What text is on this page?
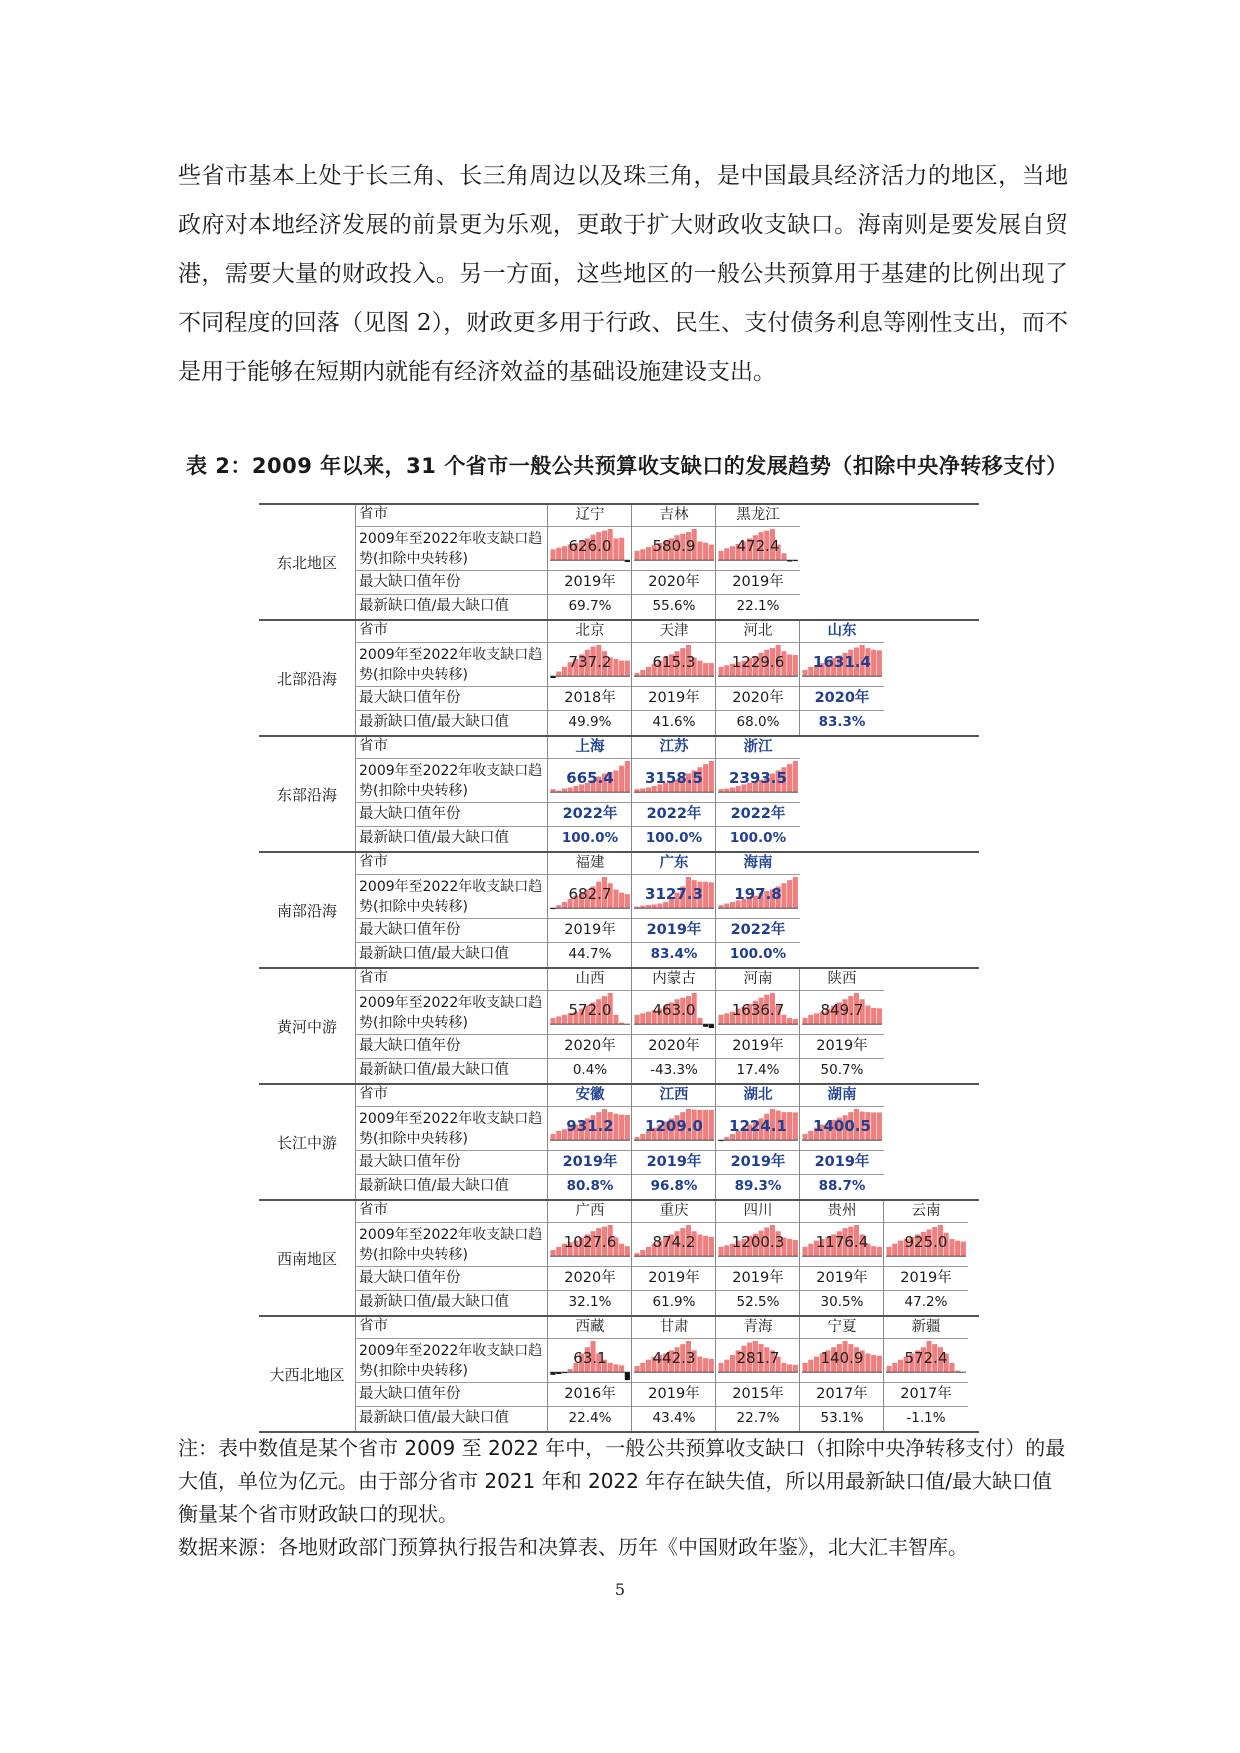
些省市基本上处于长三角、长三角周边以及珠三角，是中国最具经济活力的地区，当地政府对本地经济发展的前景更为乐观，更敢于扩大财政收支缺口。海南则是要发展自贸港，需要大量的财政投入。另一方面，这些地区的一般公共预算用于基建的比例出现了不同程度的回落（见图 2），财政更多用于行政、民生、支付债务利息等刚性支出，而不是用于能够在短期内就能有经济效益的基础设施建设支出。

表 2：2009 年以来，31 个省市一般公共预算收支缺口的发展趋势（扣除中央净转移支付）

东北地区
省市
2009年至2022年收支缺口趋势(扣除中央转移)
最大缺口值年份
最新缺口值/最大缺口值
辽宁
626.0
2019年
69.7%
吉林
580.9
2020年
55.6%
黑龙江
472.4
2019年
22.1%
北部沿海
省市
2009年至2022年收支缺口趋势(扣除中央转移)
最大缺口值年份
最新缺口值/最大缺口值
北京
737.2
2018年
49.9%
天津
615.3
2019年
41.6%
河北
1229.6
2020年
68.0%
山东
1631.4
2020年
83.3%
东部沿海
省市
2009年至2022年收支缺口趋势(扣除中央转移)
最大缺口值年份
最新缺口值/最大缺口值
上海
665.4
2022年
100.0%
江苏
3158.5
2022年
100.0%
浙江
2393.5
2022年
100.0%
南部沿海
省市
2009年至2022年收支缺口趋势(扣除中央转移)
最大缺口值年份
最新缺口值/最大缺口值
福建
682.7
2019年
44.7%
广东
3127.3
2019年
83.4%
海南
197.8
2022年
100.0%
黄河中游
省市
2009年至2022年收支缺口趋势(扣除中央转移)
最大缺口值年份
最新缺口值/最大缺口值
山西
572.0
2020年
0.4%
内蒙古
463.0
2020年
-43.3%
河南
1636.7
2019年
17.4%
陕西
849.7
2019年
50.7%
长江中游
省市
2009年至2022年收支缺口趋势(扣除中央转移)
最大缺口值年份
最新缺口值/最大缺口值
安徽
931.2
2019年
80.8%
江西
1209.0
2019年
96.8%
湖北
1224.1
2019年
89.3%
湖南
1400.5
2019年
88.7%
西南地区
省市
2009年至2022年收支缺口趋势(扣除中央转移)
最大缺口值年份
最新缺口值/最大缺口值
广西
1027.6
2020年
32.1%
重庆
874.2
2019年
61.9%
四川
1200.3
2019年
52.5%
贵州
1176.4
2019年
30.5%
云南
925.0
2019年
47.2%
大西北地区
省市
2009年至2022年收支缺口趋势(扣除中央转移)
最大缺口值年份
最新缺口值/最大缺口值
西藏
63.1
2016年
22.4%
甘肃
442.3
2019年
43.4%
青海
281.7
2015年
22.7%
宁夏
140.9
2017年
53.1%
新疆
572.4
2017年
-1.1%
注：表中数值是某个省市 2009 至 2022 年中，一般公共预算收支缺口（扣除中央净转移支付）的最大值，单位为亿元。由于部分省市 2021 年和 2022 年存在缺失值，所以用最新缺口值/最大缺口值衡量某个省市财政缺口的现状。
数据来源：各地财政部门预算执行报告和决算表、历年《中国财政年鉴》，北大汇丰智库。
5
